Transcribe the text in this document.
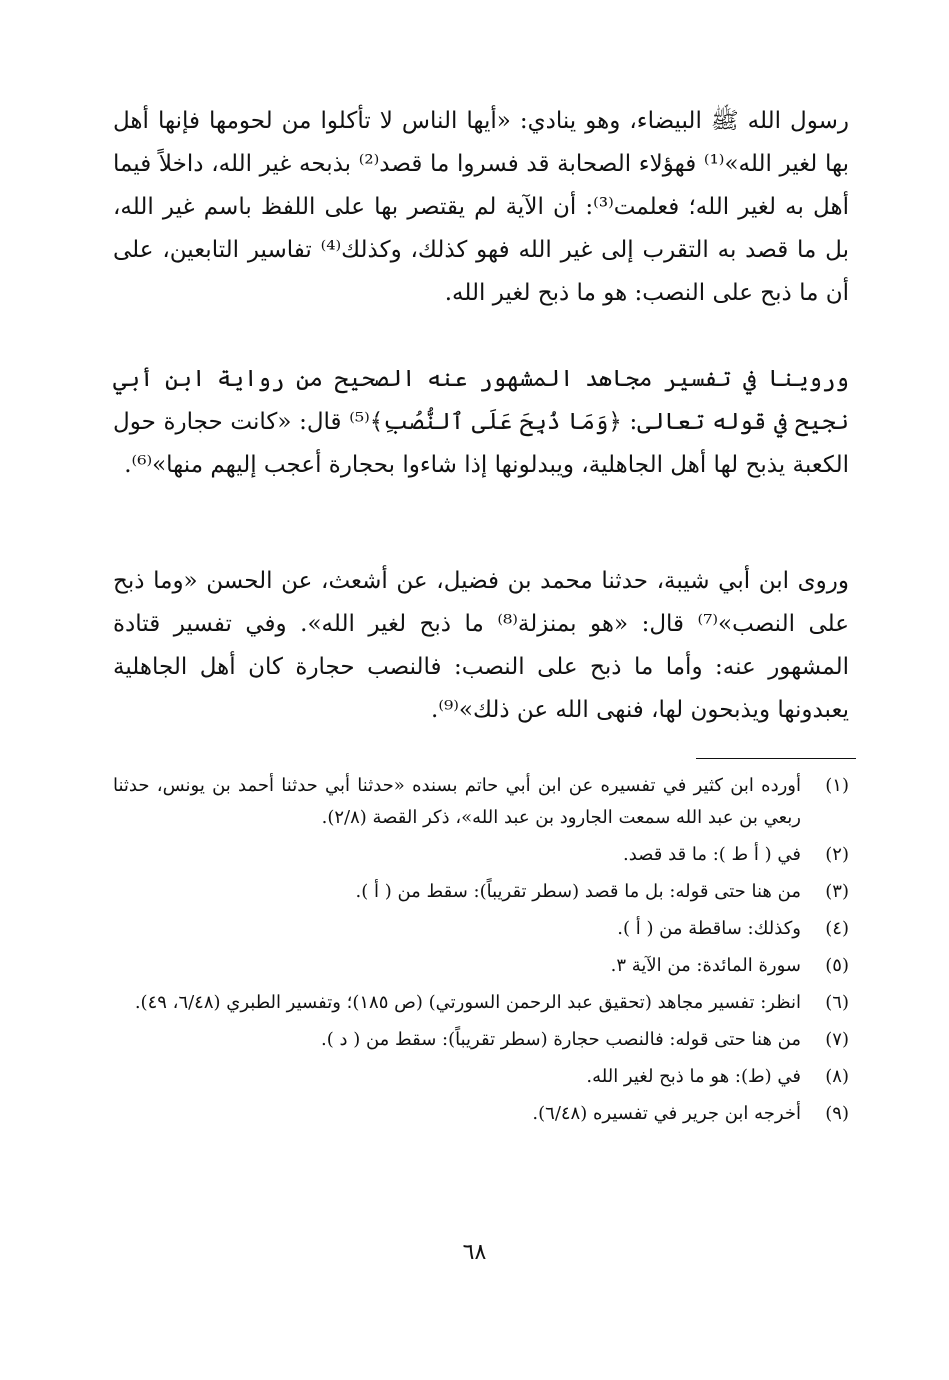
رسول الله ﷺ البيضاء، وهو ينادي: «أيها الناس لا تأكلوا من لحومها فإنها أهل بها لغير الله»⁽¹⁾ فهؤلاء الصحابة قد فسروا ما قصد⁽²⁾ بذبحه غير الله، داخلاً فيما أهل به لغير الله؛ فعلمت⁽³⁾: أن الآية لم يقتصر بها على اللفظ باسم غير الله، بل ما قصد به التقرب إلى غير الله فهو كذلك، وكذلك⁽⁴⁾ تفاسير التابعين، على أن ما ذبح على النصب: هو ما ذبح لغير الله.

وروينا في تفسير مجاهد المشهور عنه الصحيح من رواية ابن أبي نجيح في قوله تعالى: ﴿وَمَا ذُبِحَ عَلَى ٱلنُّصُبِ﴾⁽⁵⁾ قال: «كانت حجارة حول الكعبة يذبح لها أهل الجاهلية، ويبدلونها إذا شاءوا بحجارة أعجب إليهم منها»⁽⁶⁾.

وروى ابن أبي شيبة، حدثنا محمد بن فضيل، عن أشعث، عن الحسن «وما ذبح على النصب»⁽⁷⁾ قال: «هو بمنزلة⁽⁸⁾ ما ذبح لغير الله». وفي تفسير قتادة المشهور عنه: وأما ما ذبح على النصب: فالنصب حجارة كان أهل الجاهلية يعبدونها ويذبحون لها، فنهى الله عن ذلك»⁽⁹⁾.

(١)
أورده ابن كثير في تفسيره عن ابن أبي حاتم بسنده «حدثنا أبي حدثنا أحمد بن يونس، حدثنا ربعي بن عبد الله سمعت الجارود بن عبد الله»، ذكر القصة (٢/٨).
(٢)
في ( أ ط ): ما قد قصد.
(٣)
من هنا حتى قوله: بل ما قصد (سطر تقريباً): سقط من ( أ ).
(٤)
وكذلك: ساقطة من ( أ ).
(٥)
سورة المائدة: من الآية ٣.
(٦)
انظر: تفسير مجاهد (تحقيق عبد الرحمن السورتي) (ص ١٨٥)؛ وتفسير الطبري (٦/٤٨، ٤٩).
(٧)
من هنا حتى قوله: فالنصب حجارة (سطر تقريباً): سقط من ( د ).
(٨)
في (ط): هو ما ذبح لغير الله.
(٩)
أخرجه ابن جرير في تفسيره (٦/٤٨).
٦٨
